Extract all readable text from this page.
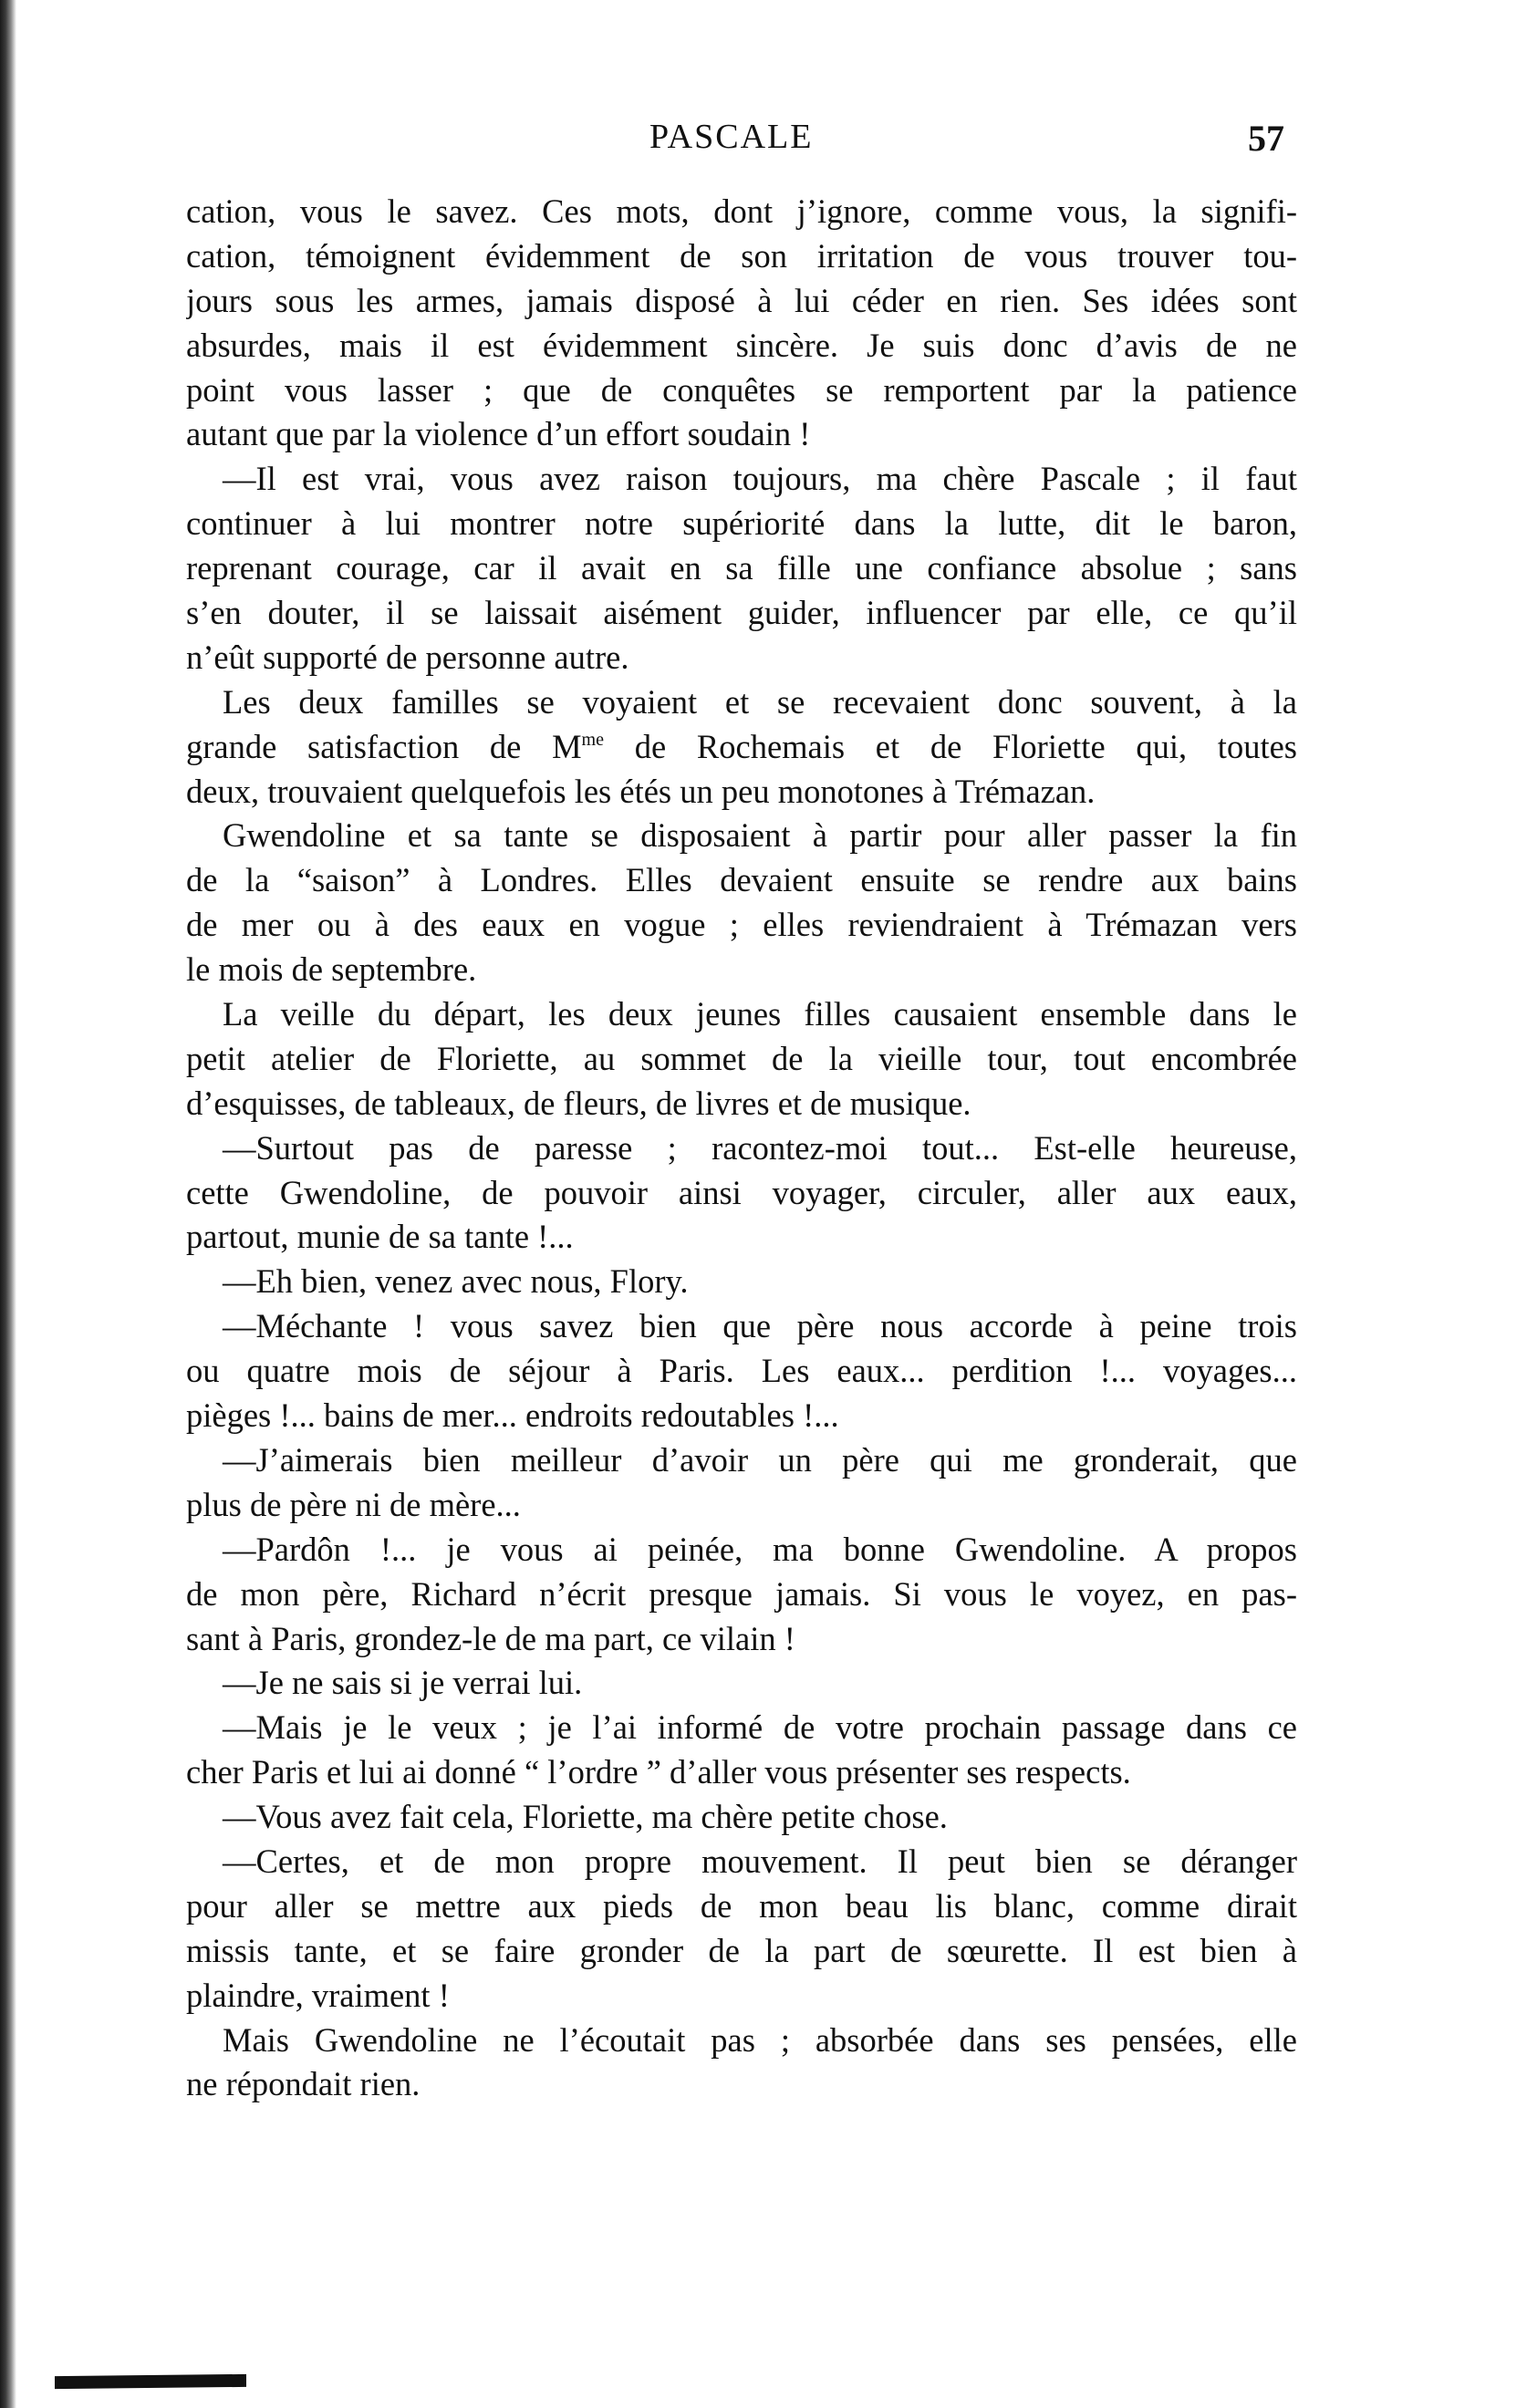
PASCALE	57
cation, vous le savez. Ces mots, dont j’ignore, comme vous, la signifi-
cation, témoignent évidemment de son irritation de vous trouver tou-
jours sous les armes, jamais disposé à lui céder en rien. Ses idées sont
absurdes, mais il est évidemment sincère. Je suis donc d’avis de ne
point vous lasser ; que de conquêtes se remportent par la patience
autant que par la violence d’un effort soudain !
—Il est vrai, vous avez raison toujours, ma chère Pascale ; il faut
continuer à lui montrer notre supériorité dans la lutte, dit le baron,
reprenant courage, car il avait en sa fille une confiance absolue ; sans
s’en douter, il se laissait aisément guider, influencer par elle, ce qu’il
n’eût supporté de personne autre.
Les deux familles se voyaient et se recevaient donc souvent, à la
grande satisfaction de $M^{me}$ de Rochemais et de Floriette qui, toutes
deux, trouvaient quelquefois les étés un peu monotones à Trémazan.
Gwendoline et sa tante se disposaient à partir pour aller passer la fin
de la “saison” à Londres. Elles devaient ensuite se rendre aux bains
de mer ou à des eaux en vogue ; elles reviendraient à Trémazan vers
le mois de septembre.
La veille du départ, les deux jeunes filles causaient ensemble dans le
petit atelier de Floriette, au sommet de la vieille tour, tout encombrée
d’esquisses, de tableaux, de fleurs, de livres et de musique.
—Surtout pas de paresse ; racontez-moi tout... Est-elle heureuse,
cette Gwendoline, de pouvoir ainsi voyager, circuler, aller aux eaux,
partout, munie de sa tante !...
—Eh bien, venez avec nous, Flory.
—Méchante ! vous savez bien que père nous accorde à peine trois
ou quatre mois de séjour à Paris. Les eaux... perdition !... voyages...
pièges !... bains de mer... endroits redoutables !...
—J’aimerais bien meilleur d’avoir un père qui me gronderait, que
plus de père ni de mère...
—Pardôn !... je vous ai peinée, ma bonne Gwendoline. A propos
de mon père, Richard n’écrit presque jamais. Si vous le voyez, en pas-
sant à Paris, grondez-le de ma part, ce vilain !
—Je ne sais si je verrai lui.
—Mais je le veux ; je l’ai informé de votre prochain passage dans ce
cher Paris et lui ai donné “ l’ordre ” d’aller vous présenter ses respects.
—Vous avez fait cela, Floriette, ma chère petite chose.
—Certes, et de mon propre mouvement. Il peut bien se déranger
pour aller se mettre aux pieds de mon beau lis blanc, comme dirait
missis tante, et se faire gronder de la part de sœurette. Il est bien à
plaindre, vraiment !
Mais Gwendoline ne l’écoutait pas ; absorbée dans ses pensées, elle
ne répondait rien.
